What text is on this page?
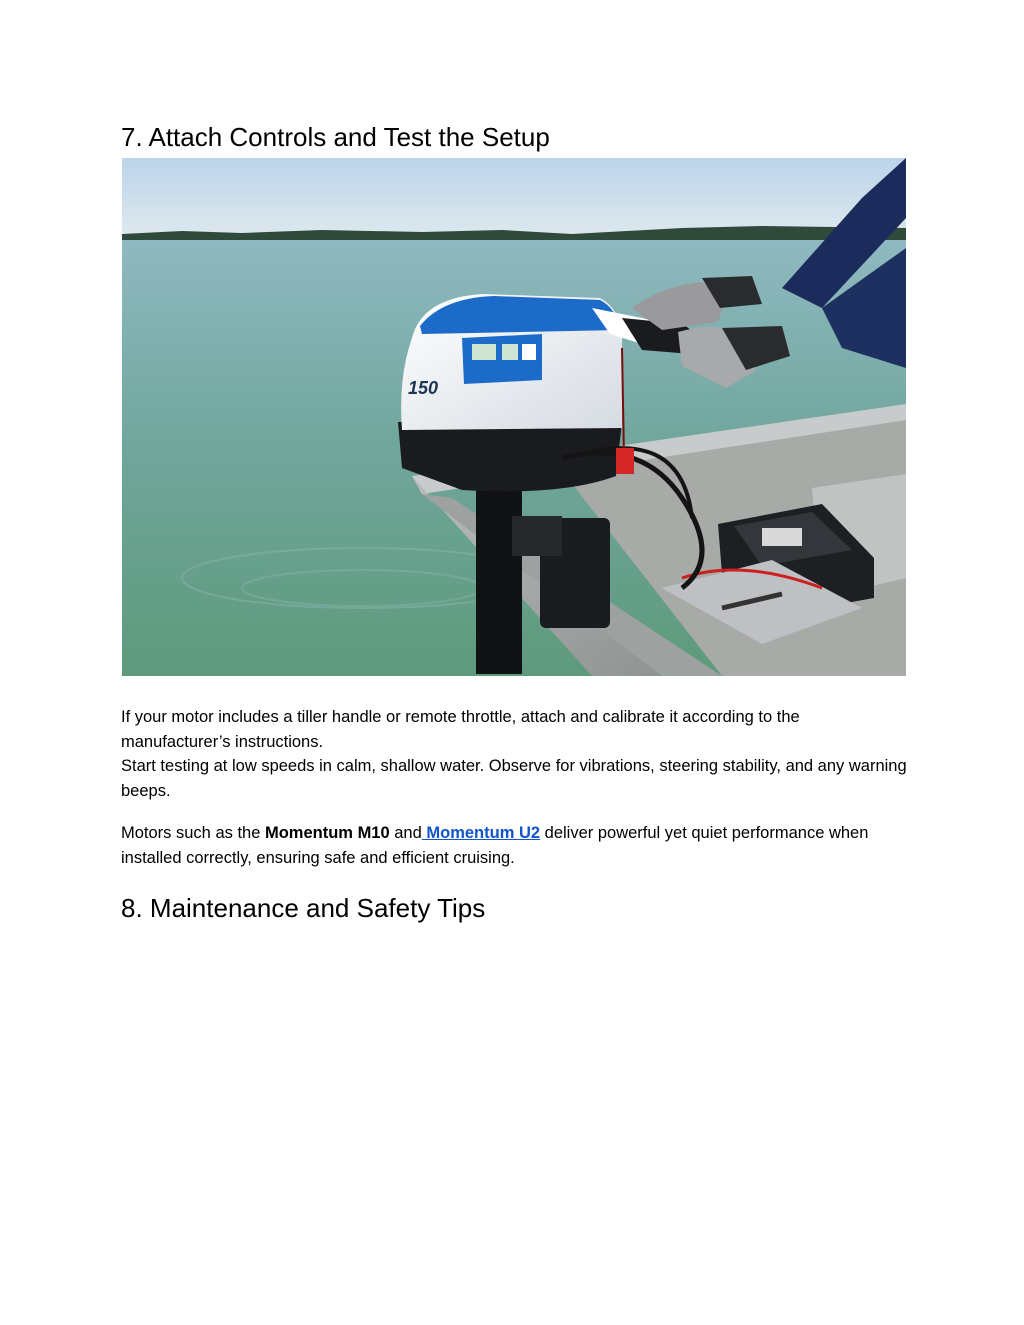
7. Attach Controls and Test the Setup
150

If your motor includes a tiller handle or remote throttle, attach and calibrate it according to the manufacturer’s instructions.
Start testing at low speeds in calm, shallow water. Observe for vibrations, steering stability, and any warning beeps.

Motors such as the Momentum M10 and Momentum U2 deliver powerful yet quiet performance when installed correctly, ensuring safe and efficient cruising.

8. Maintenance and Safety Tips
